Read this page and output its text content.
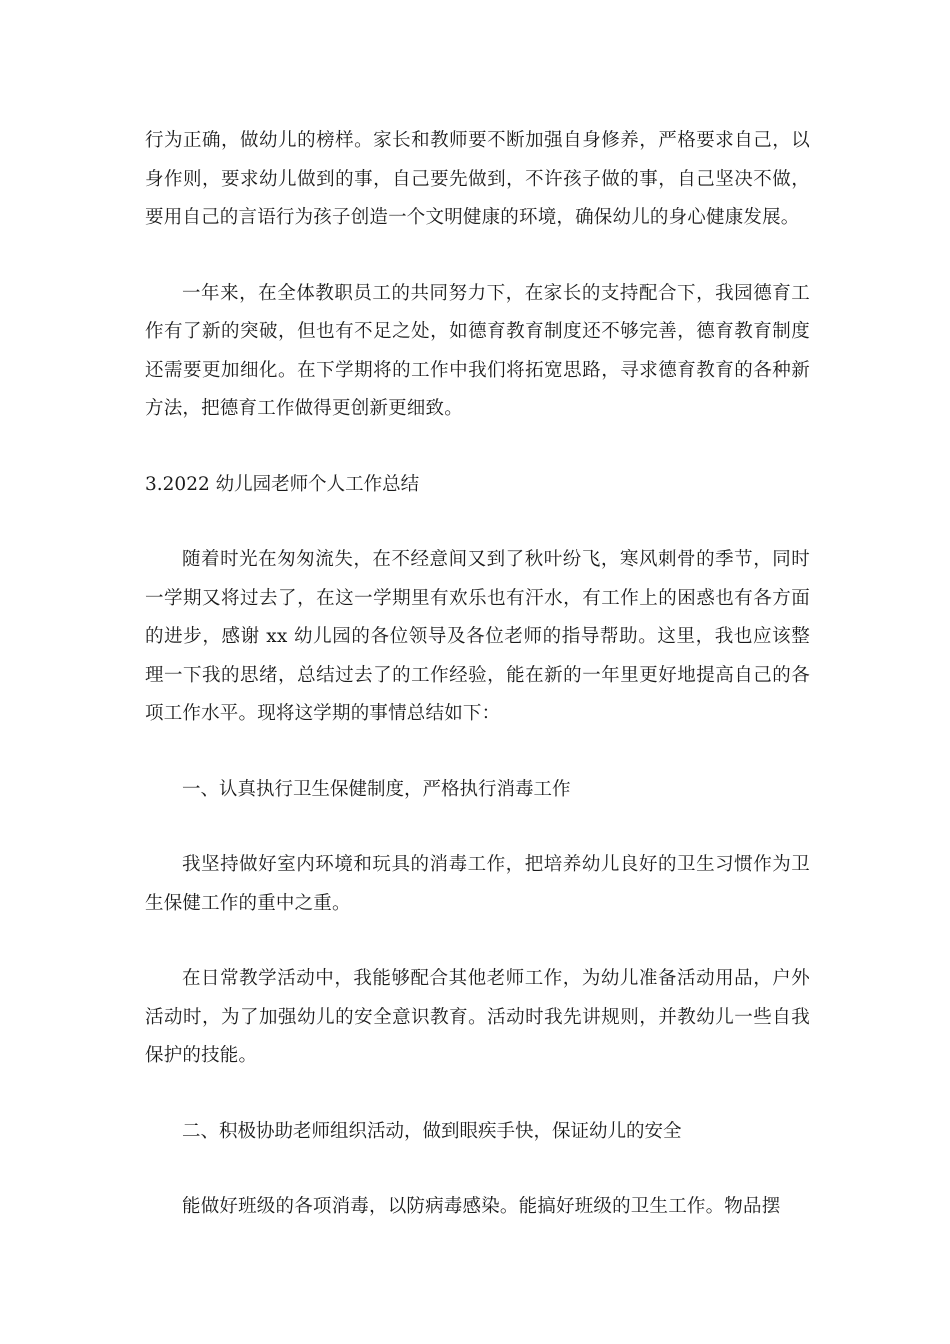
行为正确，做幼儿的榜样。家长和教师要不断加强自身修养，严格要求自己，以身作则，要求幼儿做到的事，自己要先做到，不许孩子做的事，自己坚决不做，要用自己的言语行为孩子创造一个文明健康的环境，确保幼儿的身心健康发展。

一年来，在全体教职员工的共同努力下，在家长的支持配合下，我园德育工作有了新的突破，但也有不足之处，如德育教育制度还不够完善，德育教育制度还需要更加细化。在下学期将的工作中我们将拓宽思路，寻求德育教育的各种新方法，把德育工作做得更创新更细致。

3.2022 幼儿园老师个人工作总结

随着时光在匆匆流失，在不经意间又到了秋叶纷飞，寒风刺骨的季节，同时一学期又将过去了，在这一学期里有欢乐也有汗水，有工作上的困惑也有各方面的进步，感谢 xx 幼儿园的各位领导及各位老师的指导帮助。这里，我也应该整理一下我的思绪，总结过去了的工作经验，能在新的一年里更好地提高自己的各项工作水平。现将这学期的事情总结如下：

一、认真执行卫生保健制度，严格执行消毒工作

我坚持做好室内环境和玩具的消毒工作，把培养幼儿良好的卫生习惯作为卫生保健工作的重中之重。

在日常教学活动中，我能够配合其他老师工作，为幼儿准备活动用品，户外活动时，为了加强幼儿的安全意识教育。活动时我先讲规则，并教幼儿一些自我保护的技能。

二、积极协助老师组织活动，做到眼疾手快，保证幼儿的安全

能做好班级的各项消毒，以防病毒感染。能搞好班级的卫生工作。物品摆
